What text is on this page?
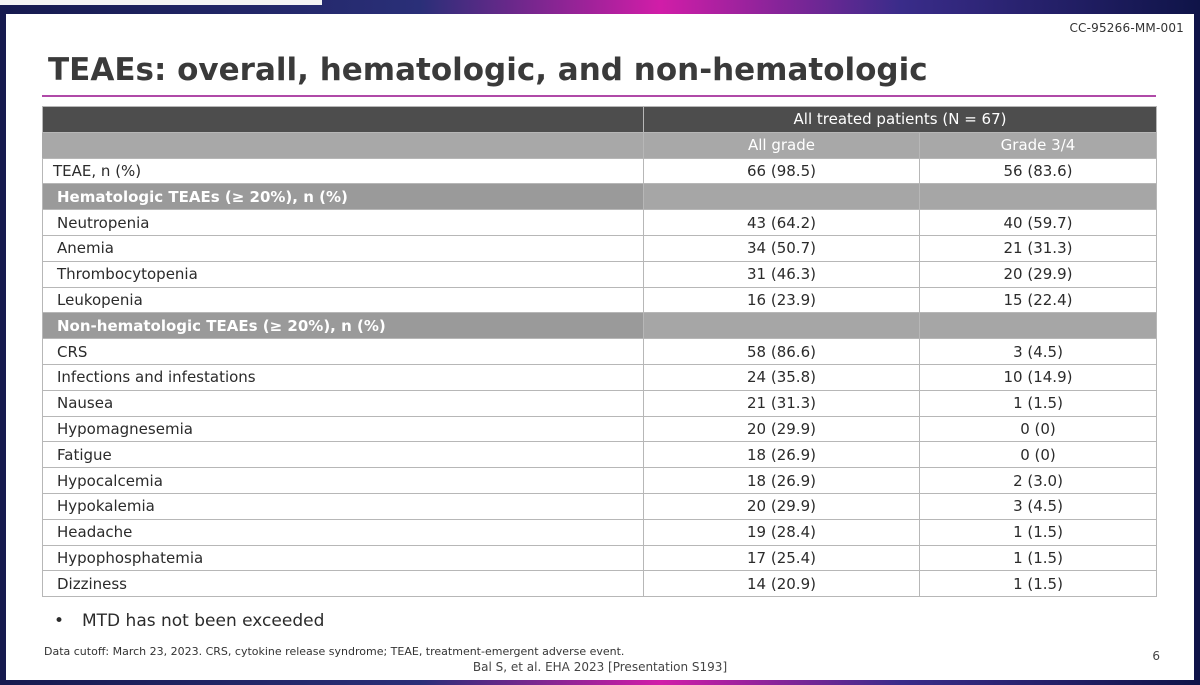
CC-95266-MM-001
TEAEs: overall, hematologic, and non-hematologic
	All treated patients (N = 67)	
	All grade	Grade 3/4
TEAE, n (%)	66 (98.5)	56 (83.6)
Hematologic TEAEs (≥ 20%), n (%)		
Neutropenia	43 (64.2)	40 (59.7)
Anemia	34 (50.7)	21 (31.3)
Thrombocytopenia	31 (46.3)	20 (29.9)
Leukopenia	16 (23.9)	15 (22.4)
Non-hematologic TEAEs (≥ 20%), n (%)		
CRS	58 (86.6)	3 (4.5)
Infections and infestations	24 (35.8)	10 (14.9)
Nausea	21 (31.3)	1 (1.5)
Hypomagnesemia	20 (29.9)	0 (0)
Fatigue	18 (26.9)	0 (0)
Hypocalcemia	18 (26.9)	2 (3.0)
Hypokalemia	20 (29.9)	3 (4.5)
Headache	19 (28.4)	1 (1.5)
Hypophosphatemia	17 (25.4)	1 (1.5)
Dizziness	14 (20.9)	1 (1.5)
• MTD has not been exceeded
Data cutoff: March 23, 2023. CRS, cytokine release syndrome; TEAE, treatment-emergent adverse event.
Bal S, et al. EHA 2023 [Presentation S193]
6
